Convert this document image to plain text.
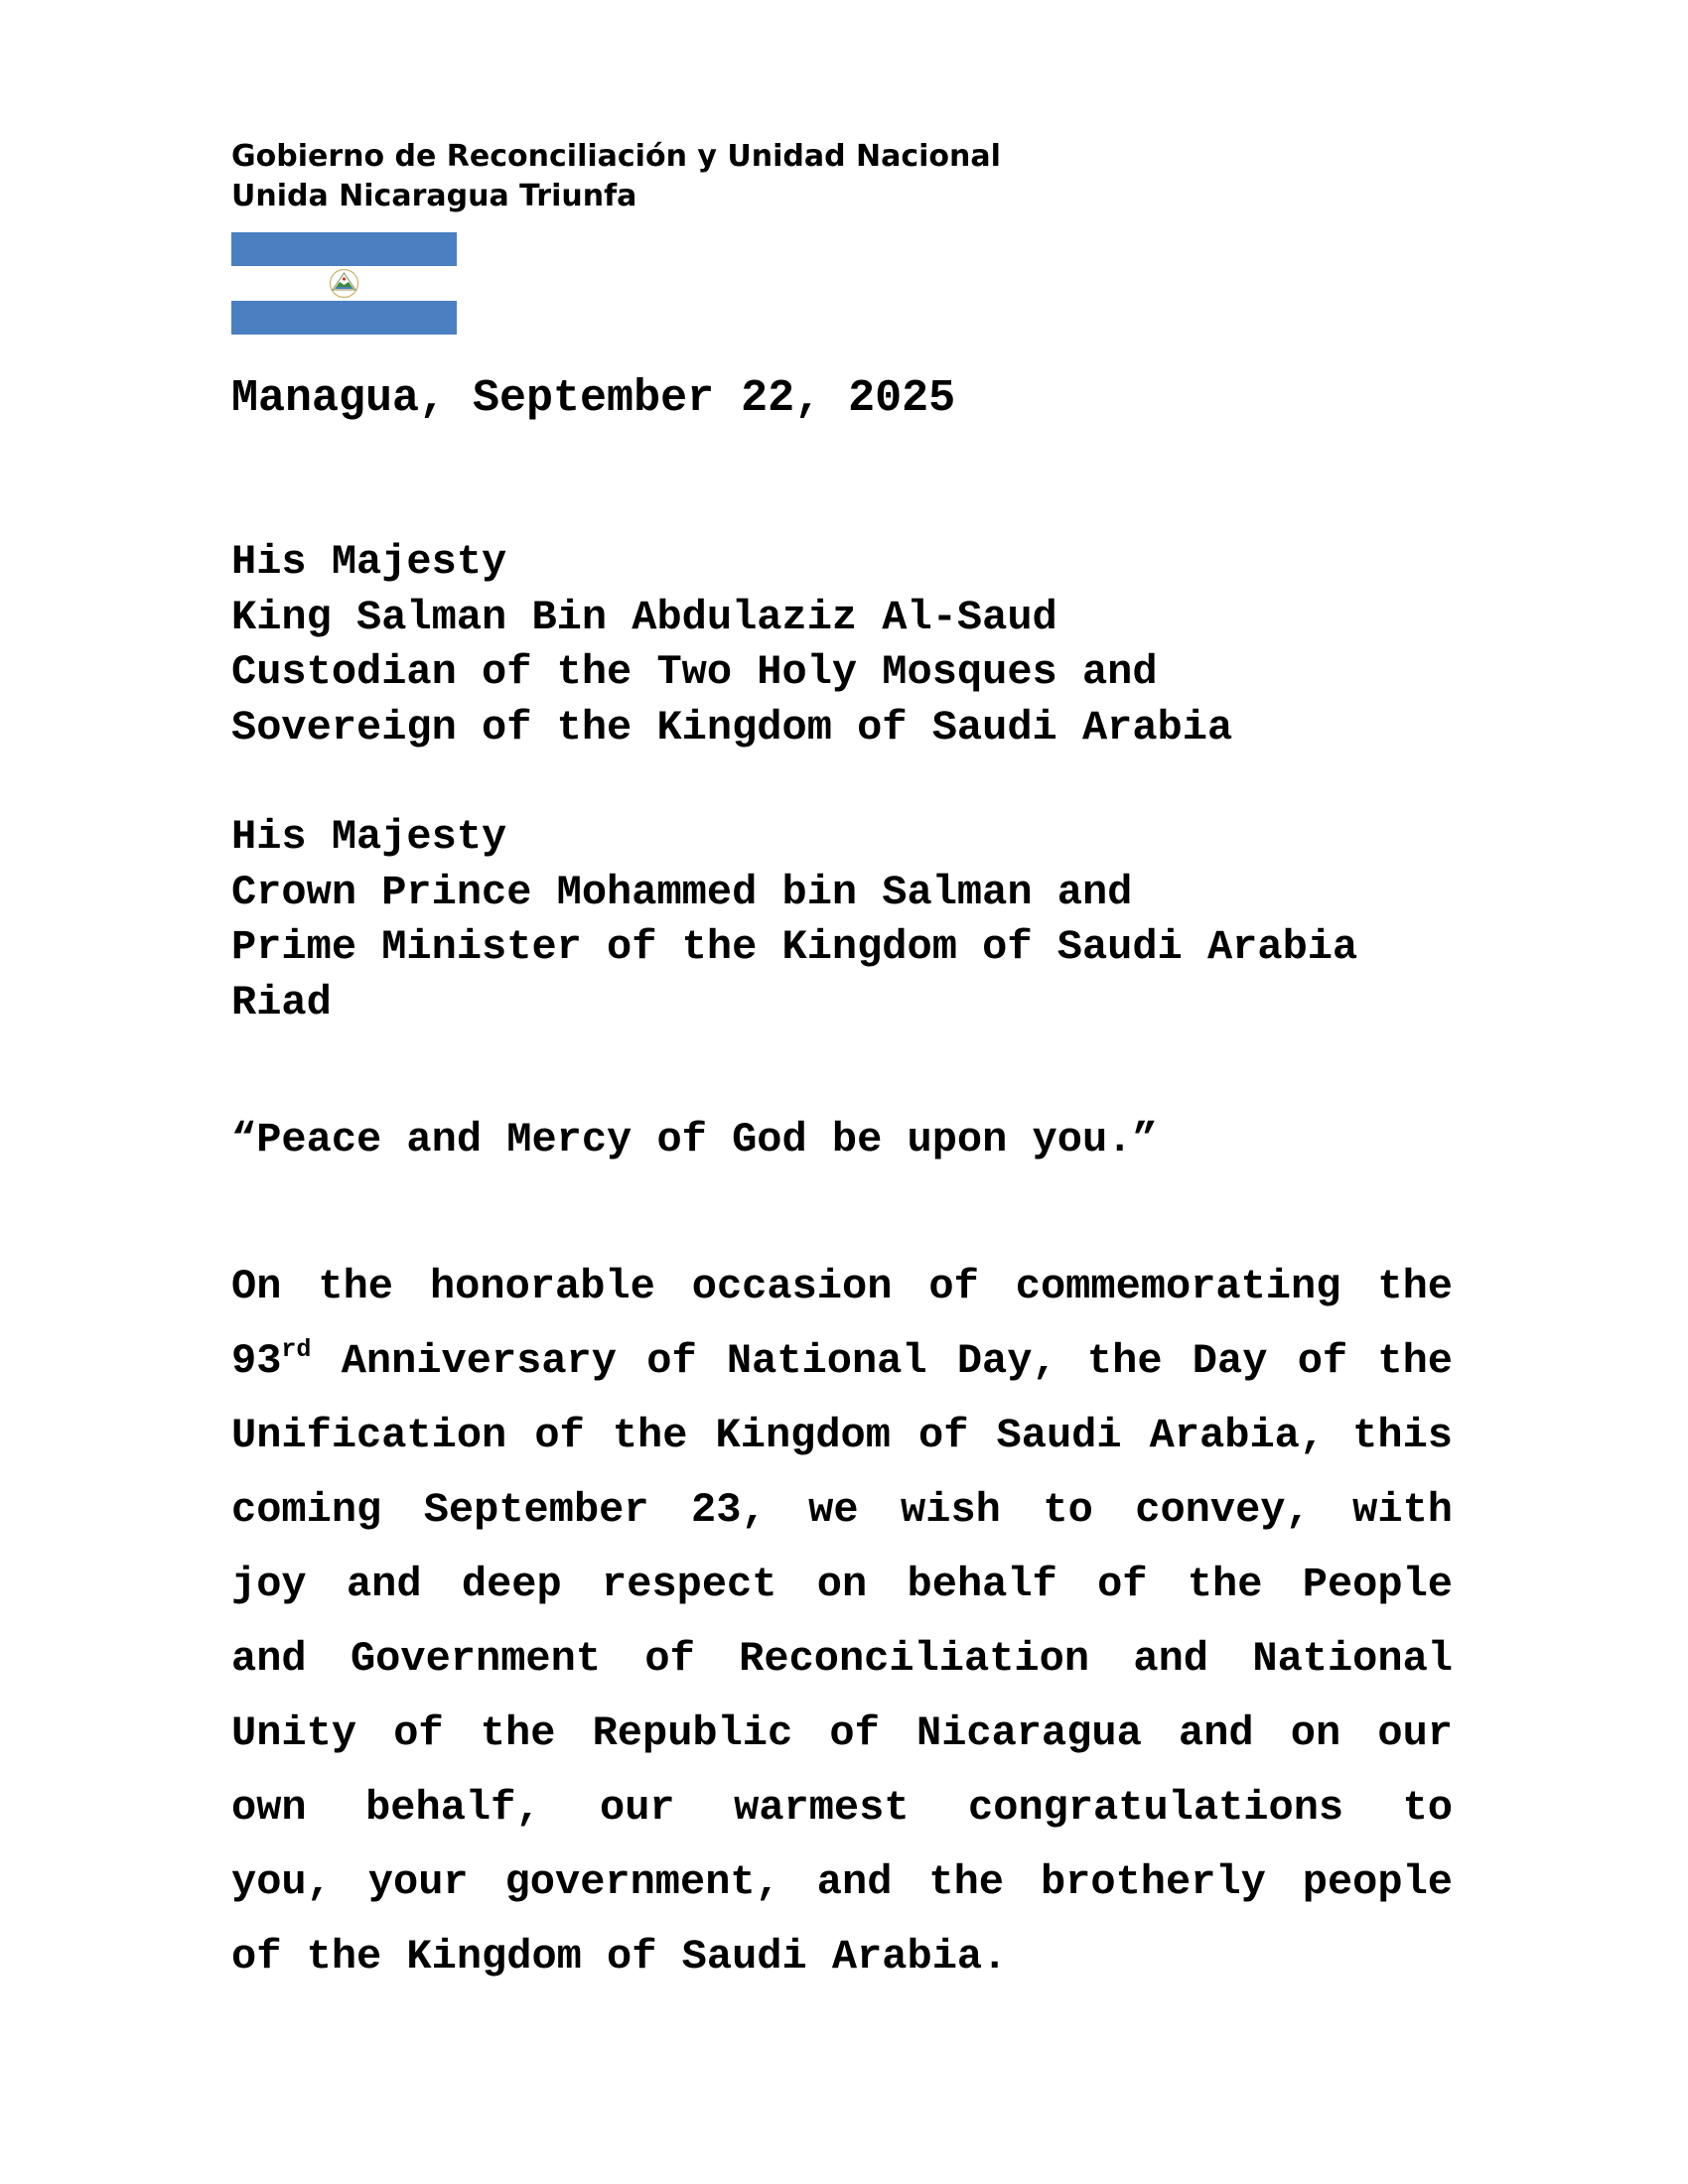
Gobierno de Reconciliación y Unidad Nacional
Unida Nicaragua Triunfa
Managua, September 22, 2025
His Majesty
King Salman Bin Abdulaziz Al-Saud
Custodian of the Two Holy Mosques and
Sovereign of the Kingdom of Saudi Arabia
His Majesty
Crown Prince Mohammed bin Salman and
Prime Minister of the Kingdom of Saudi Arabia
Riad
“Peace and Mercy of God be upon you.”
On the honorable occasion of commemorating the
93rd Anniversary of National Day, the Day of the
Unification of the Kingdom of Saudi Arabia, this
coming September 23, we wish to convey, with
joy and deep respect on behalf of the People
and Government of Reconciliation and National
Unity of the Republic of Nicaragua and on our
own behalf, our warmest congratulations to
you, your government, and the brotherly people
of the Kingdom of Saudi Arabia.
